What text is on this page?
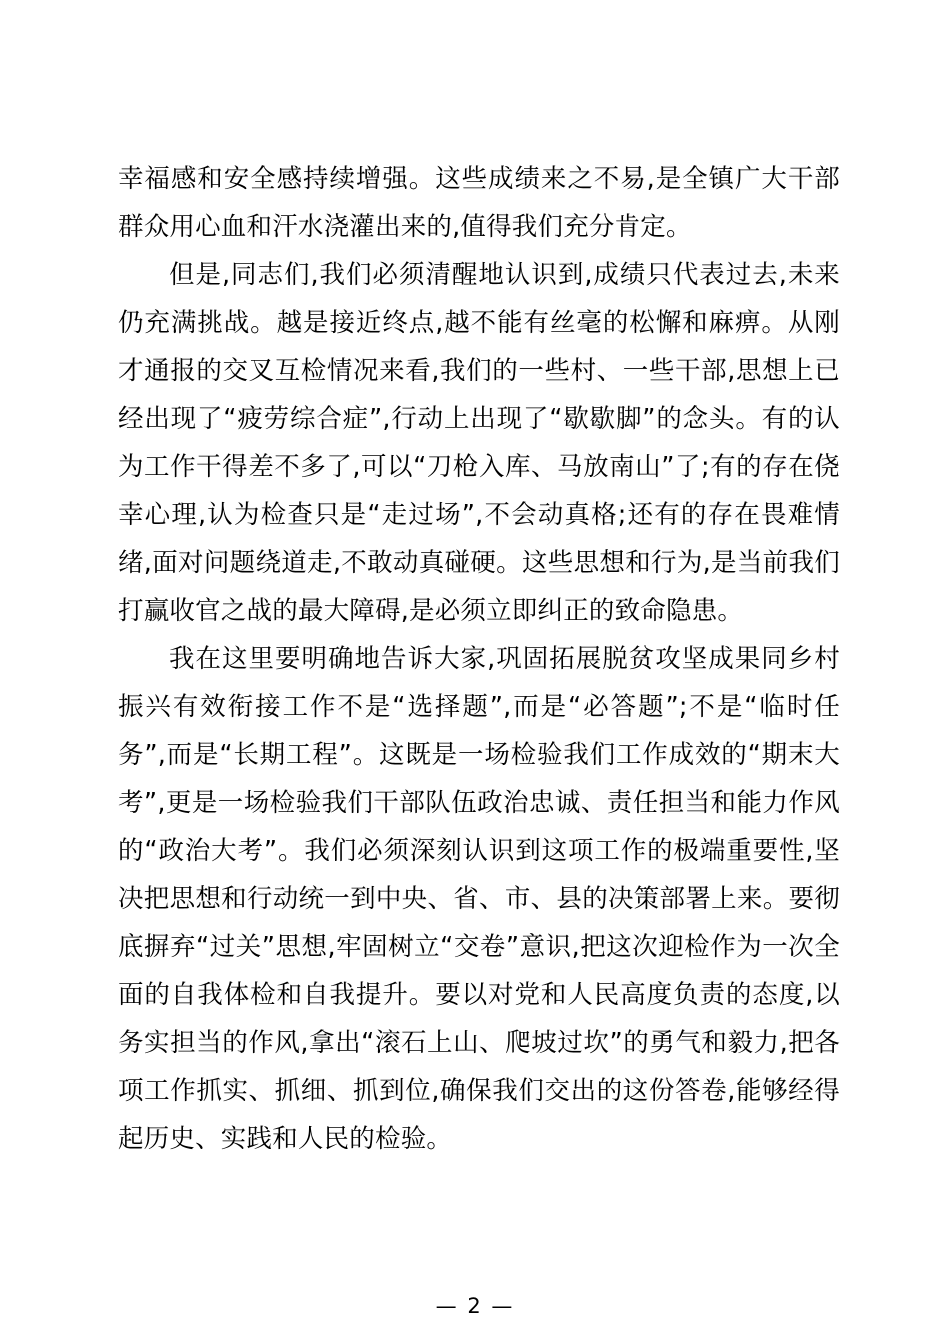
幸福感和安全感持续增强。这些成绩来之不易,是全镇广大干部群众用心血和汗水浇灌出来的,值得我们充分肯定。

但是,同志们,我们必须清醒地认识到,成绩只代表过去,未来仍充满挑战。越是接近终点,越不能有丝毫的松懈和麻痹。从刚才通报的交叉互检情况来看,我们的一些村、一些干部,思想上已经出现了“疲劳综合症”,行动上出现了“歇歇脚”的念头。有的认为工作干得差不多了,可以“刀枪入库、马放南山”了;有的存在侥幸心理,认为检查只是“走过场”,不会动真格;还有的存在畏难情绪,面对问题绕道走,不敢动真碰硬。这些思想和行为,是当前我们打赢收官之战的最大障碍,是必须立即纠正的致命隐患。

我在这里要明确地告诉大家,巩固拓展脱贫攻坚成果同乡村振兴有效衔接工作不是“选择题”,而是“必答题”;不是“临时任务”,而是“长期工程”。这既是一场检验我们工作成效的“期末大考”,更是一场检验我们干部队伍政治忠诚、责任担当和能力作风的“政治大考”。我们必须深刻认识到这项工作的极端重要性,坚决把思想和行动统一到中央、省、市、县的决策部署上来。要彻底摒弃“过关”思想,牢固树立“交卷”意识,把这次迎检作为一次全面的自我体检和自我提升。要以对党和人民高度负责的态度,以务实担当的作风,拿出“滚石上山、爬坡过坎”的勇气和毅力,把各项工作抓实、抓细、抓到位,确保我们交出的这份答卷,能够经得起历史、实践和人民的检验。

— 2 —
